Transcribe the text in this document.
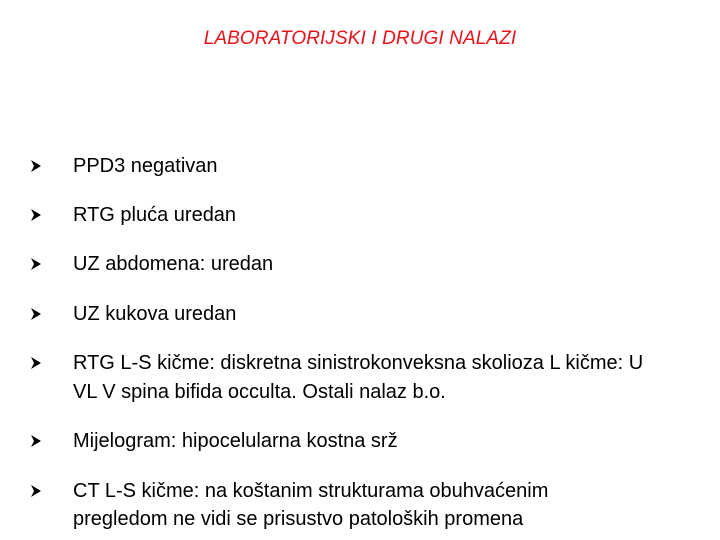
LABORATORIJSKI I DRUGI NALAZI
PPD3 negativan
RTG pluća uredan
UZ abdomena: uredan
UZ kukova uredan
RTG L-S kičme: diskretna sinistrokonveksna skolioza L kičme: U
VL V spina bifida occulta. Ostali nalaz b.o.
Mijelogram: hipocelularna kostna srž
CT L-S kičme: na koštanim strukturama obuhvaćenim
pregledom ne vidi se prisustvo patoloških promena
